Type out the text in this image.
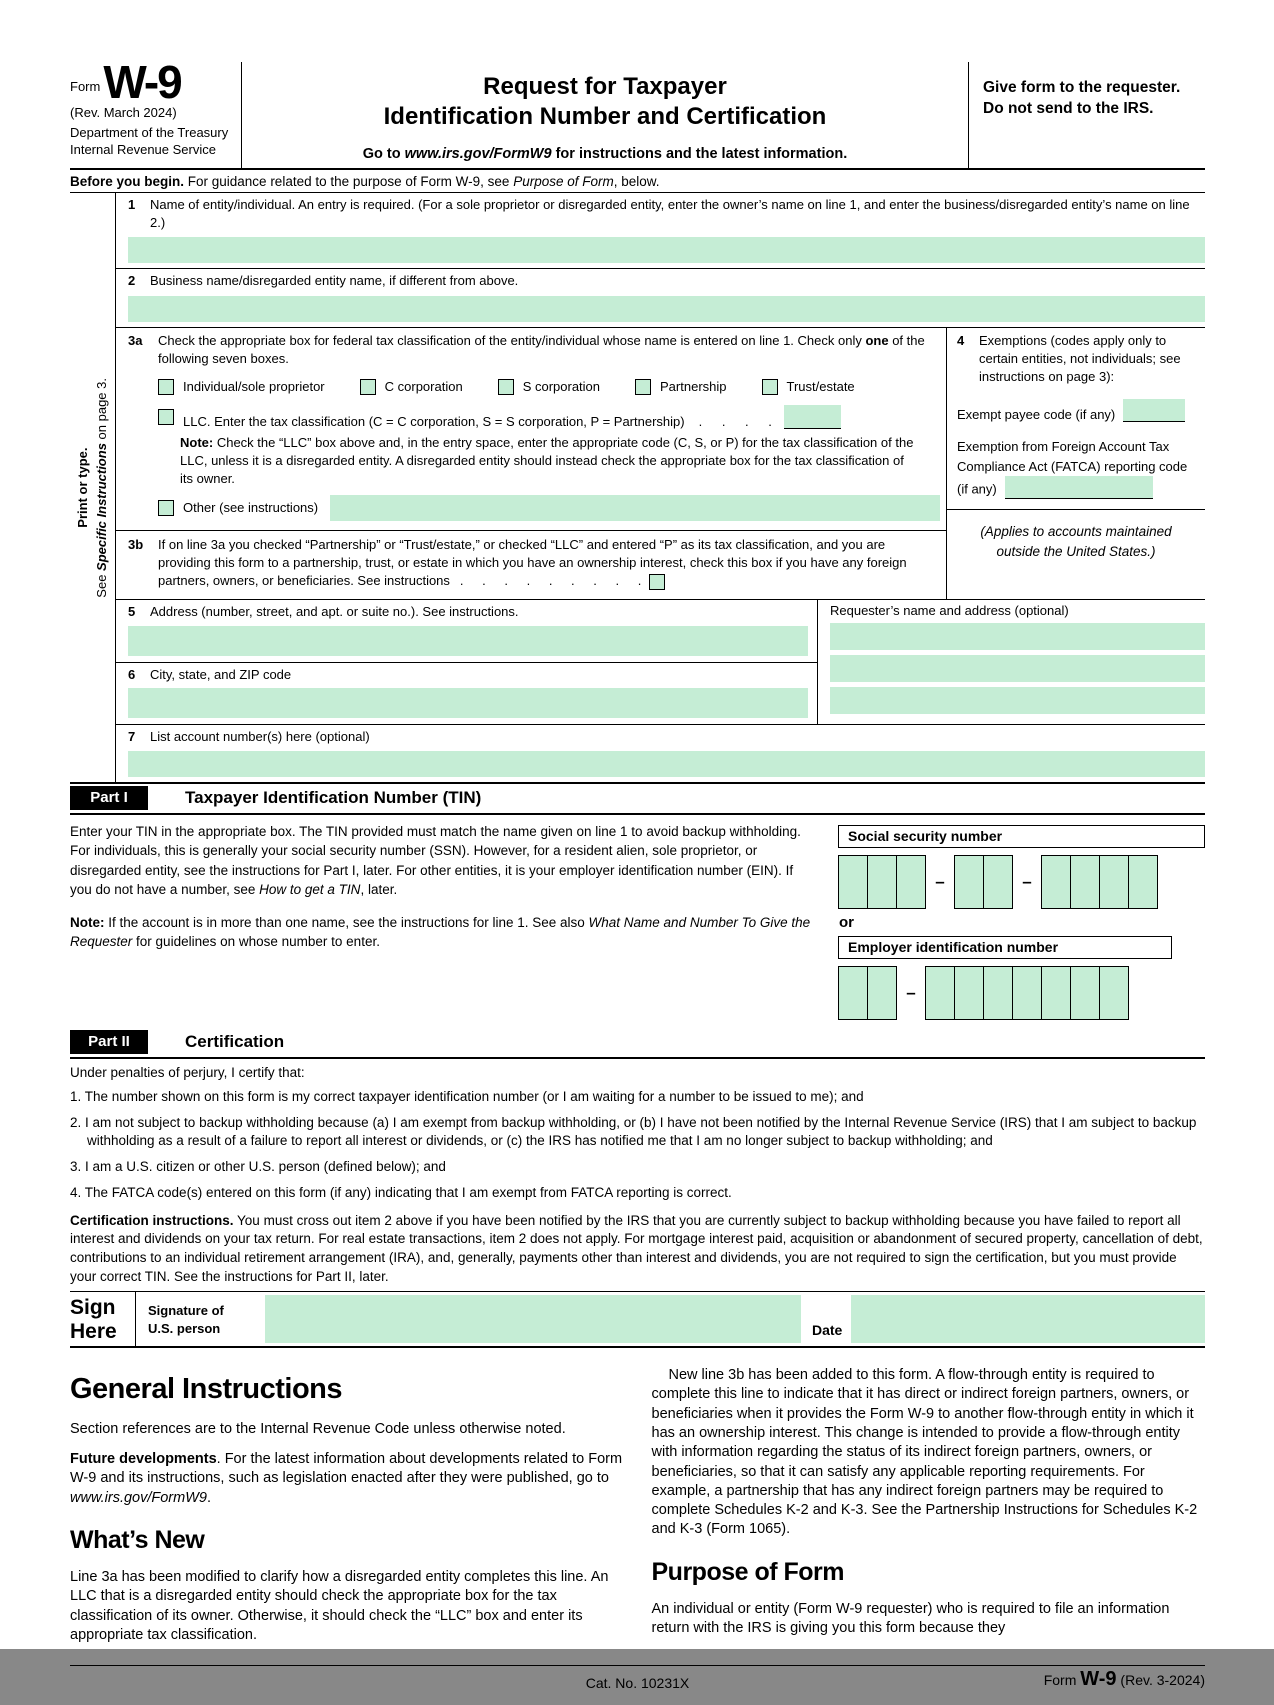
Form W-9
(Rev. March 2024)
Department of the Treasury
Internal Revenue Service
Request for Taxpayer
Identification Number and Certification
Go to www.irs.gov/FormW9 for instructions and the latest information.
Give form to the requester. Do not send to the IRS.
Before you begin. For guidance related to the purpose of Form W-9, see Purpose of Form, below.
Print or type.
See Specific Instructions on page 3.
1	Name of entity/individual. An entry is required. (For a sole proprietor or disregarded entity, enter the owner’s name on line 1, and enter the business/disregarded entity’s name on line 2.)
2	Business name/disregarded entity name, if different from above.
3a	Check the appropriate box for federal tax classification of the entity/individual whose name is entered on line 1. Check only one of the following seven boxes.
Individual/sole proprietor	C corporation	S corporation	Partnership	Trust/estate
LLC. Enter the tax classification (C = C corporation, S = S corporation, P = Partnership) . . . .
Note: Check the “LLC” box above and, in the entry space, enter the appropriate code (C, S, or P) for the tax classification of the LLC, unless it is a disregarded entity. A disregarded entity should instead check the appropriate box for the tax classification of its owner.
Other (see instructions)
3b	If on line 3a you checked “Partnership” or “Trust/estate,” or checked “LLC” and entered “P” as its tax classification, and you are providing this form to a partnership, trust, or estate in which you have an ownership interest, check this box if you have any foreign partners, owners, or beneficiaries. See instructions . . . . . . . . .
4	Exemptions (codes apply only to certain entities, not individuals; see instructions on page 3):
Exempt payee code (if any)
Exemption from Foreign Account Tax Compliance Act (FATCA) reporting code (if any)
(Applies to accounts maintained outside the United States.)
5	Address (number, street, and apt. or suite no.). See instructions.
6	City, state, and ZIP code
Requester’s name and address (optional)
7	List account number(s) here (optional)
Part I	Taxpayer Identification Number (TIN)
Enter your TIN in the appropriate box. The TIN provided must match the name given on line 1 to avoid backup withholding. For individuals, this is generally your social security number (SSN). However, for a resident alien, sole proprietor, or disregarded entity, see the instructions for Part I, later. For other entities, it is your employer identification number (EIN). If you do not have a number, see How to get a TIN, later.
Note: If the account is in more than one name, see the instructions for line 1. See also What Name and Number To Give the Requester for guidelines on whose number to enter.
Social security number
–	–
or
Employer identification number
–
Part II	Certification
Under penalties of perjury, I certify that:
1. The number shown on this form is my correct taxpayer identification number (or I am waiting for a number to be issued to me); and
2. I am not subject to backup withholding because (a) I am exempt from backup withholding, or (b) I have not been notified by the Internal Revenue Service (IRS) that I am subject to backup withholding as a result of a failure to report all interest or dividends, or (c) the IRS has notified me that I am no longer subject to backup withholding; and
3. I am a U.S. citizen or other U.S. person (defined below); and
4. The FATCA code(s) entered on this form (if any) indicating that I am exempt from FATCA reporting is correct.
Certification instructions. You must cross out item 2 above if you have been notified by the IRS that you are currently subject to backup withholding because you have failed to report all interest and dividends on your tax return. For real estate transactions, item 2 does not apply. For mortgage interest paid, acquisition or abandonment of secured property, cancellation of debt, contributions to an individual retirement arrangement (IRA), and, generally, payments other than interest and dividends, you are not required to sign the certification, but you must provide your correct TIN. See the instructions for Part II, later.
Sign
Here
Signature of
U.S. person	Date
General Instructions

Section references are to the Internal Revenue Code unless otherwise noted.

Future developments. For the latest information about developments related to Form W-9 and its instructions, such as legislation enacted after they were published, go to www.irs.gov/FormW9.

What’s New

Line 3a has been modified to clarify how a disregarded entity completes this line. An LLC that is a disregarded entity should check the appropriate box for the tax classification of its owner. Otherwise, it should check the “LLC” box and enter its appropriate tax classification.

New line 3b has been added to this form. A flow-through entity is required to complete this line to indicate that it has direct or indirect foreign partners, owners, or beneficiaries when it provides the Form W-9 to another flow-through entity in which it has an ownership interest. This change is intended to provide a flow-through entity with information regarding the status of its indirect foreign partners, owners, or beneficiaries, so that it can satisfy any applicable reporting requirements. For example, a partnership that has any indirect foreign partners may be required to complete Schedules K-2 and K-3. See the Partnership Instructions for Schedules K-2 and K-3 (Form 1065).

Purpose of Form

An individual or entity (Form W-9 requester) who is required to file an information return with the IRS is giving you this form because they

Cat. No. 10231X	Form W-9 (Rev. 3-2024)
